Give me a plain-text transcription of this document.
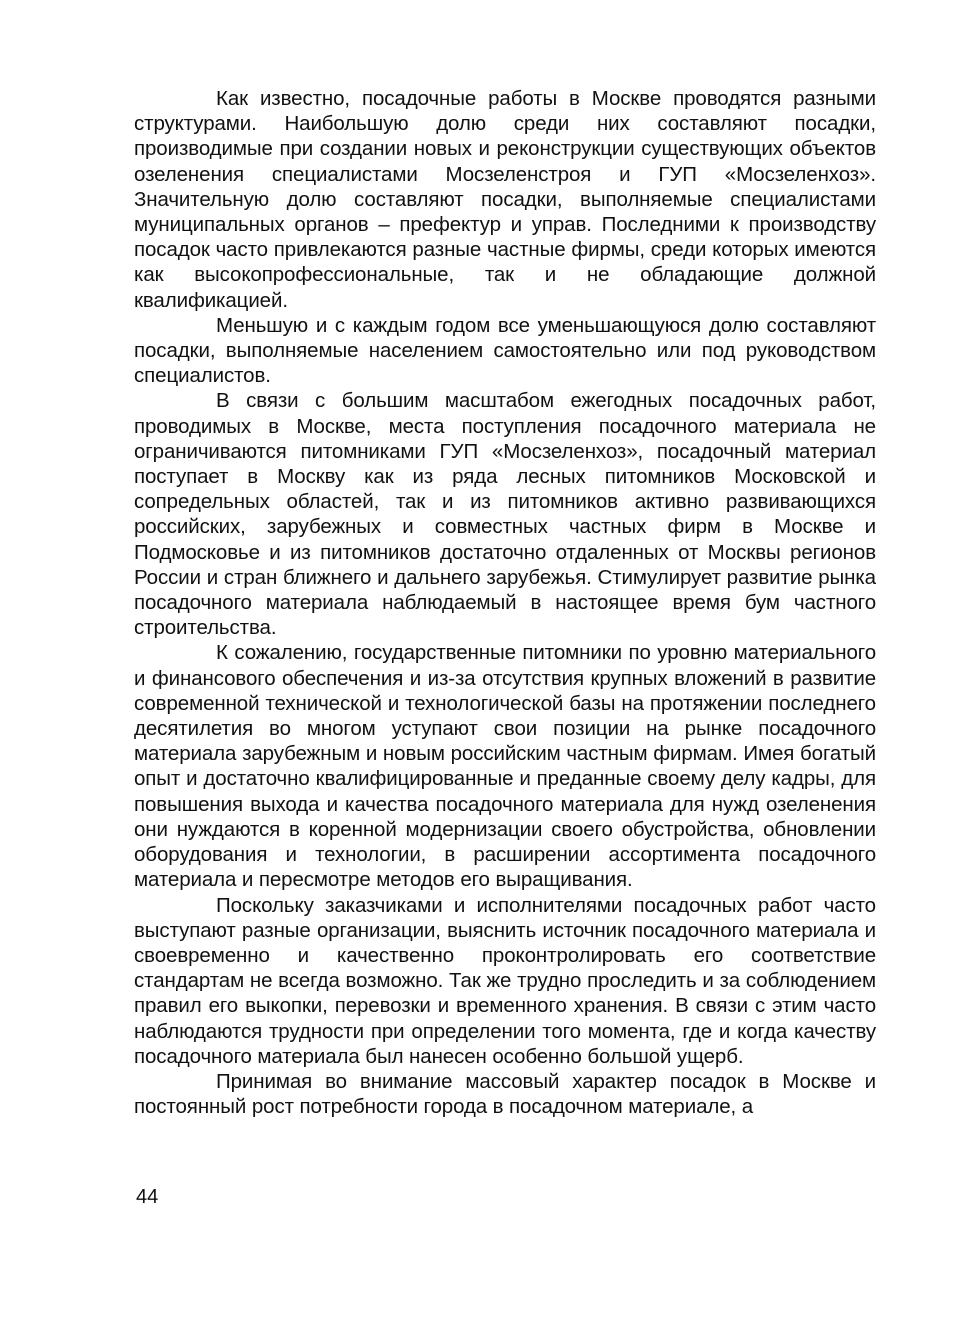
Как известно, посадочные работы в Москве проводятся разными структурами. Наибольшую долю среди них составляют посадки, производимые при создании новых и реконструкции существующих объектов озеленения специалистами Мосзеленстроя и ГУП «Мосзеленхоз». Значительную долю составляют посадки, выполняемые специалистами муниципальных органов – префектур и управ. Последними к производству посадок часто привлекаются разные частные фирмы, среди которых имеются как высокопрофессиональные, так и не обладающие должной квалификацией.

Меньшую и с каждым годом все уменьшающуюся долю составляют посадки, выполняемые населением самостоятельно или под руководством специалистов.

В связи с большим масштабом ежегодных посадочных работ, проводимых в Москве, места поступления посадочного материала не ограничиваются питомниками ГУП «Мосзеленхоз», посадочный материал поступает в Москву как из ряда лесных питомников Московской и сопредельных областей, так и из питомников активно развивающихся российских, зарубежных и совместных частных фирм в Москве и Подмосковье и из питомников достаточно отдаленных от Москвы регионов России и стран ближнего и дальнего зарубежья. Стимулирует развитие рынка посадочного материала наблюдаемый в настоящее время бум частного строительства.

К сожалению, государственные питомники по уровню материального и финансового обеспечения и из-за отсутствия крупных вложений в развитие современной технической и технологической базы на протяжении последнего десятилетия во многом уступают свои позиции на рынке посадочного материала зарубежным и новым российским частным фирмам. Имея богатый опыт и достаточно квалифицированные и преданные своему делу кадры, для повышения выхода и качества посадочного материала для нужд озеленения они нуждаются в коренной модернизации своего обустройства, обновлении оборудования и технологии, в расширении ассортимента посадочного материала и пересмотре методов его выращивания.

Поскольку заказчиками и исполнителями посадочных работ часто выступают разные организации, выяснить источник посадочного материала и своевременно и качественно проконтролировать его соответствие стандартам не всегда возможно. Так же трудно проследить и за соблюдением правил его выкопки, перевозки и временного хранения. В связи с этим часто наблюдаются трудности при определении того момента, где и когда качеству посадочного материала был нанесен особенно большой ущерб.

Принимая во внимание массовый характер посадок в Москве и постоянный рост потребности города в посадочном материале, а

44
